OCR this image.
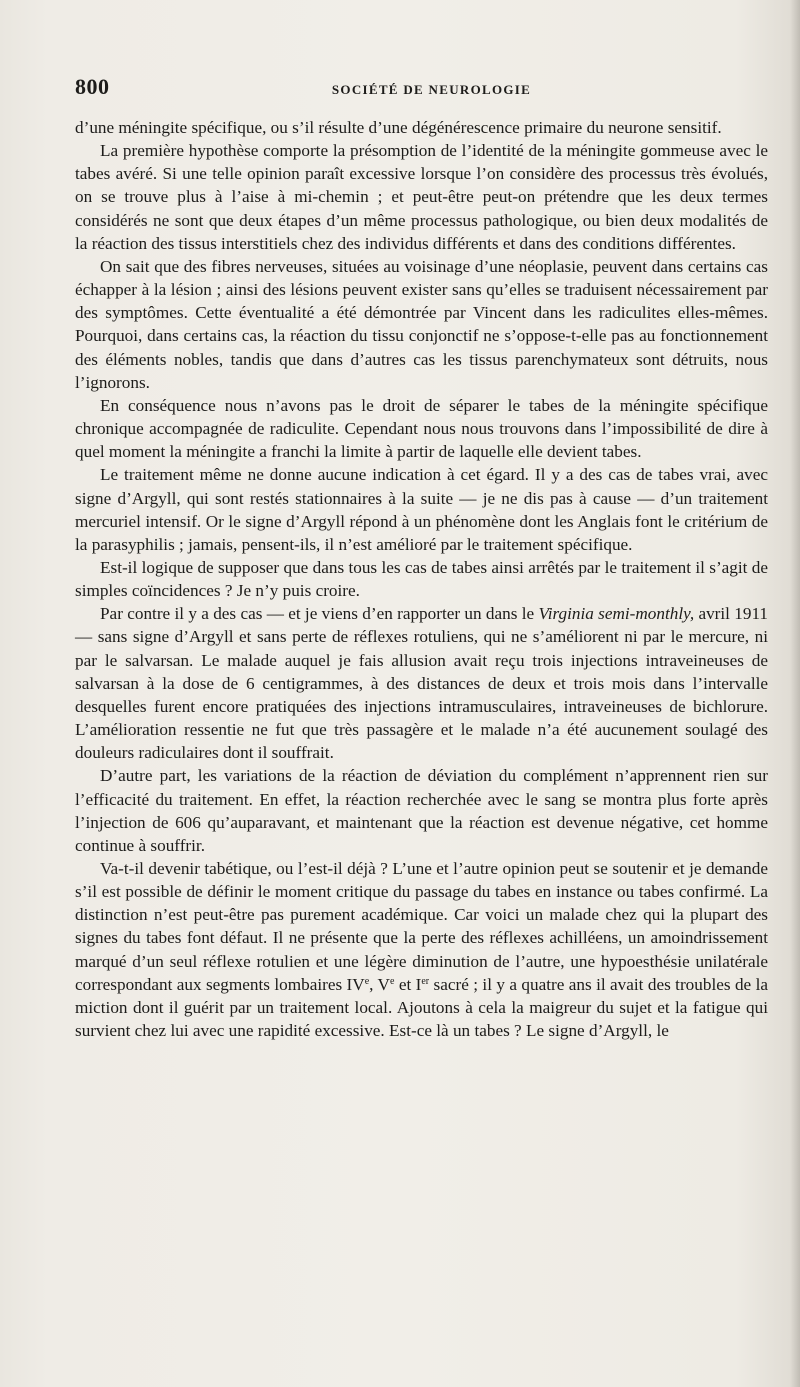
800	SOCIÉTÉ DE NEUROLOGIE

d’une méningite spécifique, ou s’il résulte d’une dégénérescence primaire du neurone sensitif.

La première hypothèse comporte la présomption de l’identité de la méningite gommeuse avec le tabes avéré. Si une telle opinion paraît excessive lorsque l’on considère des processus très évolués, on se trouve plus à l’aise à mi-chemin ; et peut-être peut-on prétendre que les deux termes considérés ne sont que deux étapes d’un même processus pathologique, ou bien deux modalités de la réaction des tissus interstitiels chez des individus différents et dans des conditions différentes.

On sait que des fibres nerveuses, situées au voisinage d’une néoplasie, peuvent dans certains cas échapper à la lésion ; ainsi des lésions peuvent exister sans qu’elles se traduisent nécessairement par des symptômes. Cette éventualité a été démontrée par Vincent dans les radiculites elles-mêmes. Pourquoi, dans certains cas, la réaction du tissu conjonctif ne s’oppose-t-elle pas au fonctionnement des éléments nobles, tandis que dans d’autres cas les tissus parenchymateux sont détruits, nous l’ignorons.

En conséquence nous n’avons pas le droit de séparer le tabes de la méningite spécifique chronique accompagnée de radiculite. Cependant nous nous trouvons dans l’impossibilité de dire à quel moment la méningite a franchi la limite à partir de laquelle elle devient tabes.

Le traitement même ne donne aucune indication à cet égard. Il y a des cas de tabes vrai, avec signe d’Argyll, qui sont restés stationnaires à la suite — je ne dis pas à cause — d’un traitement mercuriel intensif. Or le signe d’Argyll répond à un phénomène dont les Anglais font le critérium de la parasyphilis ; jamais, pensent-ils, il n’est amélioré par le traitement spécifique.

Est-il logique de supposer que dans tous les cas de tabes ainsi arrêtés par le traitement il s’agit de simples coïncidences ? Je n’y puis croire.

Par contre il y a des cas — et je viens d’en rapporter un dans le Virginia semi-monthly, avril 1911 — sans signe d’Argyll et sans perte de réflexes rotuliens, qui ne s’améliorent ni par le mercure, ni par le salvarsan. Le malade auquel je fais allusion avait reçu trois injections intraveineuses de salvarsan à la dose de 6 centigrammes, à des distances de deux et trois mois dans l’intervalle desquelles furent encore pratiquées des injections intramusculaires, intraveineuses de bichlorure. L’amélioration ressentie ne fut que très passagère et le malade n’a été aucunement soulagé des douleurs radiculaires dont il souffrait.

D’autre part, les variations de la réaction de déviation du complément n’apprennent rien sur l’efficacité du traitement. En effet, la réaction recherchée avec le sang se montra plus forte après l’injection de 606 qu’auparavant, et maintenant que la réaction est devenue négative, cet homme continue à souffrir.

Va-t-il devenir tabétique, ou l’est-il déjà ? L’une et l’autre opinion peut se soutenir et je demande s’il est possible de définir le moment critique du passage du tabes en instance ou tabes confirmé. La distinction n’est peut-être pas purement académique. Car voici un malade chez qui la plupart des signes du tabes font défaut. Il ne présente que la perte des réflexes achilléens, un amoindrissement marqué d’un seul réflexe rotulien et une légère diminution de l’autre, une hypoesthésie unilatérale correspondant aux segments lombaires IVe, Ve et Ier sacré ; il y a quatre ans il avait des troubles de la miction dont il guérit par un traitement local. Ajoutons à cela la maigreur du sujet et la fatigue qui survient chez lui avec une rapidité excessive. Est-ce là un tabes ? Le signe d’Argyll, le
